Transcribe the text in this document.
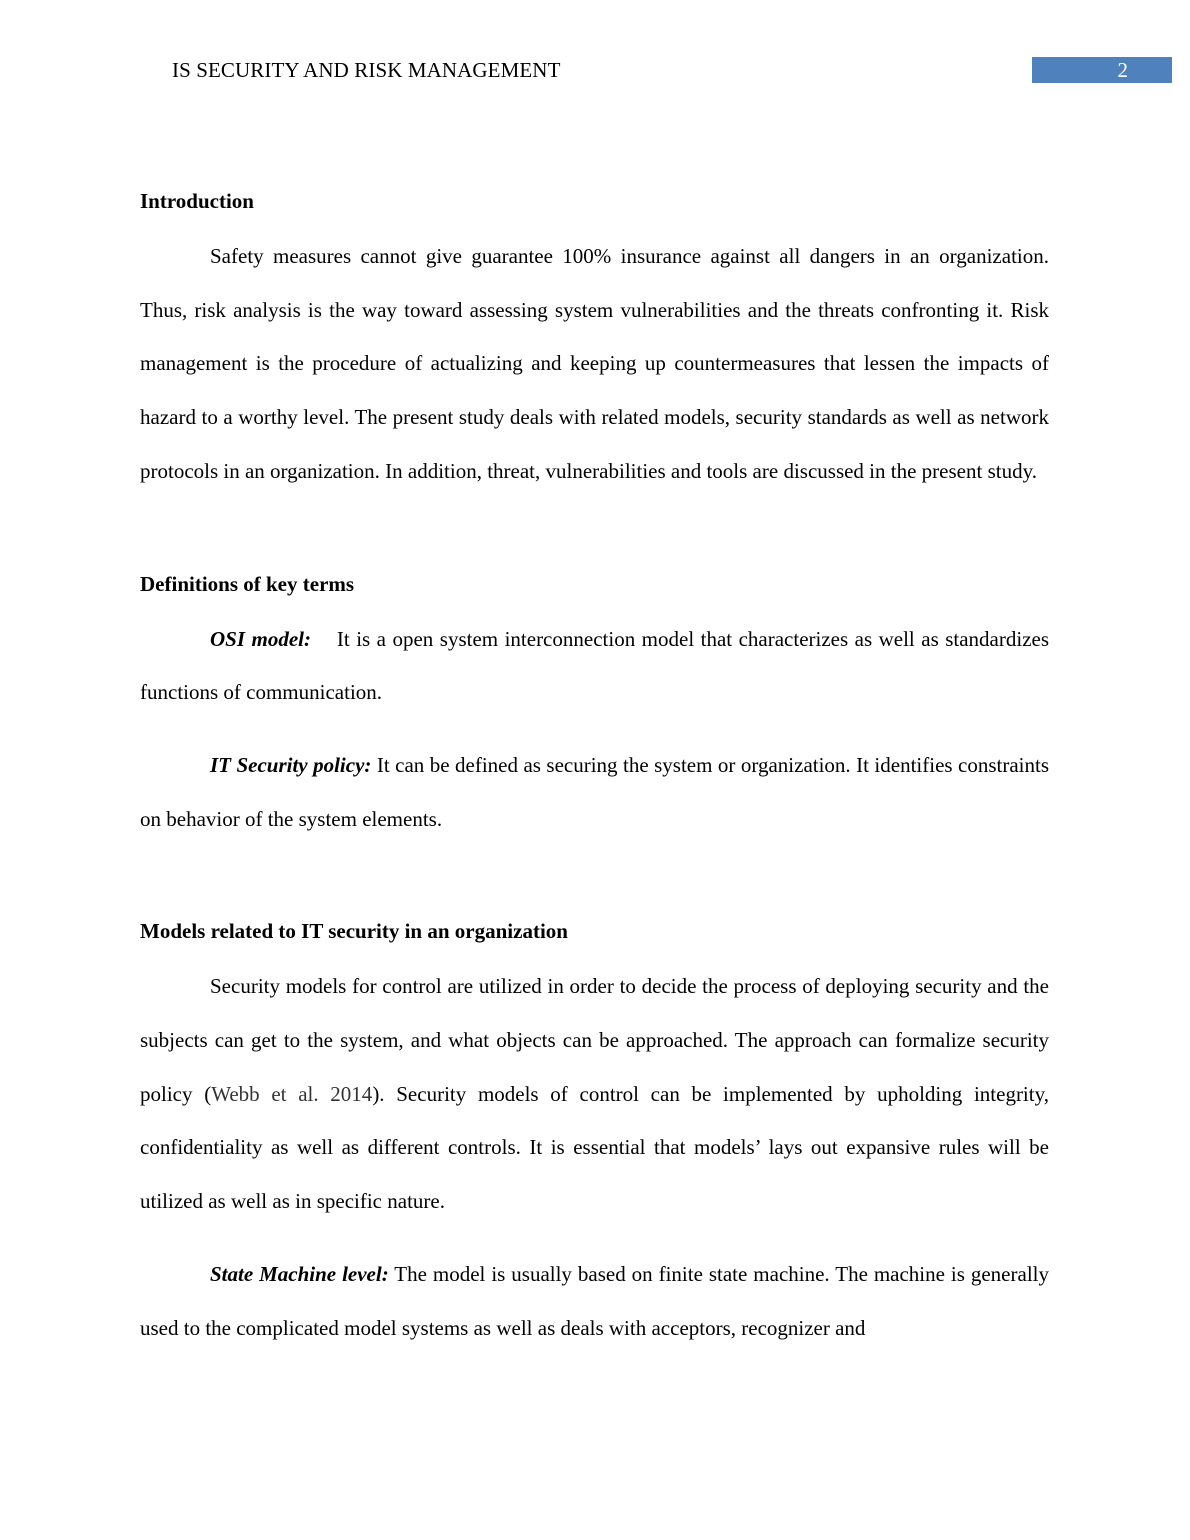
IS SECURITY AND RISK MANAGEMENT	2
Introduction

Safety measures cannot give guarantee 100% insurance against all dangers in an organization. Thus, risk analysis is the way toward assessing system vulnerabilities and the threats confronting it. Risk management is the procedure of actualizing and keeping up countermeasures that lessen the impacts of hazard to a worthy level. The present study deals with related models, security standards as well as network protocols in an organization. In addition, threat, vulnerabilities and tools are discussed in the present study.

Definitions of key terms

OSI model: It is a open system interconnection model that characterizes as well as standardizes functions of communication.

IT Security policy: It can be defined as securing the system or organization. It identifies constraints on behavior of the system elements.

Models related to IT security in an organization

Security models for control are utilized in order to decide the process of deploying security and the subjects can get to the system, and what objects can be approached. The approach can formalize security policy (Webb et al. 2014). Security models of control can be implemented by upholding integrity, confidentiality as well as different controls. It is essential that models’ lays out expansive rules will be utilized as well as in specific nature.

State Machine level: The model is usually based on finite state machine. The machine is generally used to the complicated model systems as well as deals with acceptors, recognizer and
